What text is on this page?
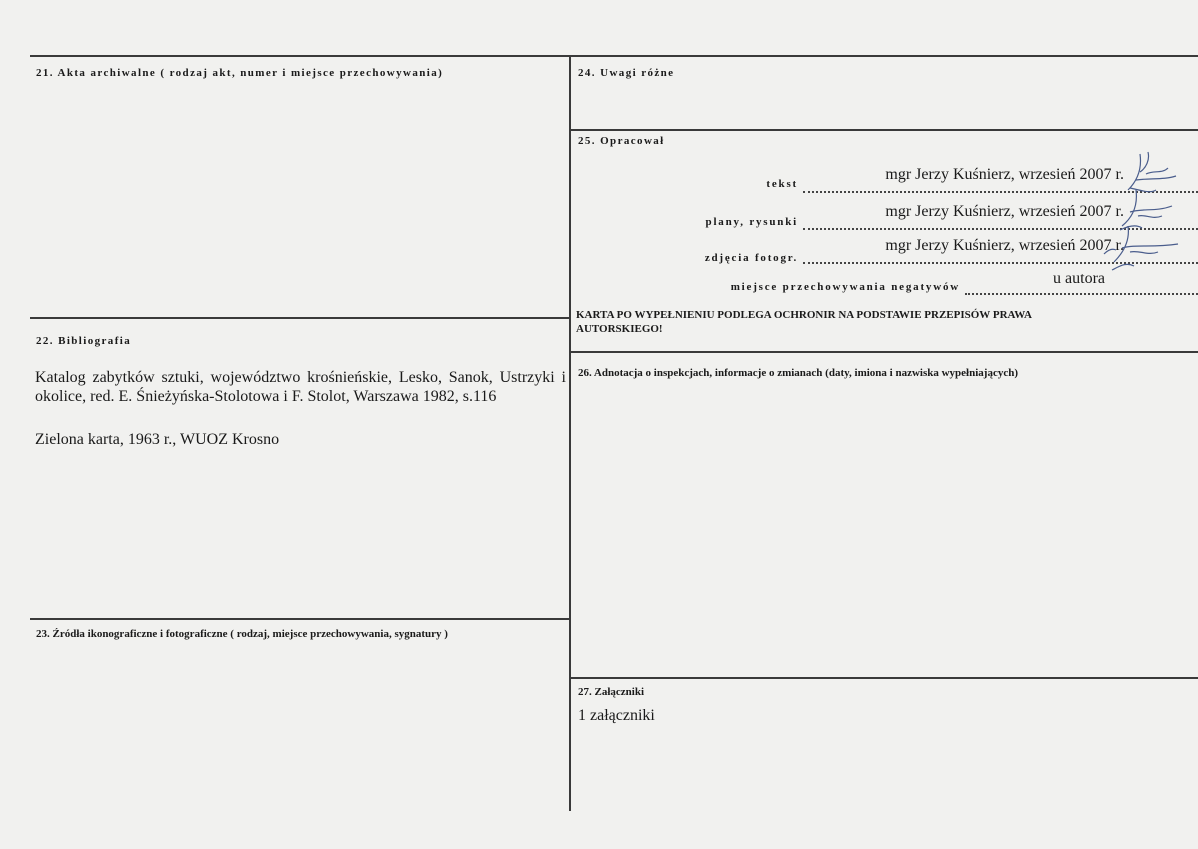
21. Akta archiwalne ( rodzaj akt, numer i miejsce przechowywania)
22. Bibliografia
Katalog zabytków sztuki, województwo krośnieńskie, Lesko, Sanok, Ustrzyki i okolice, red. E. Śnieżyńska-Stolotowa i F. Stolot, Warszawa 1982, s.116
Zielona karta, 1963 r., WUOZ Krosno
23. Źródła ikonograficzne i fotograficzne ( rodzaj, miejsce przechowywania, sygnatury )
24. Uwagi różne
25. Opracował
tekst
mgr Jerzy Kuśnierz, wrzesień 2007 r.
plany, rysunki
mgr Jerzy Kuśnierz, wrzesień 2007 r.
zdjęcia fotogr.
mgr Jerzy Kuśnierz, wrzesień 2007 r.
miejsce przechowywania negatywów	u autora
KARTA PO WYPEŁNIENIU PODLEGA OCHRONIR NA PODSTAWIE PRZEPISÓW PRAWA AUTORSKIEGO!
26. Adnotacja o inspekcjach, informacje o zmianach (daty, imiona i nazwiska wypełniających)
27. Załączniki
1 załączniki
